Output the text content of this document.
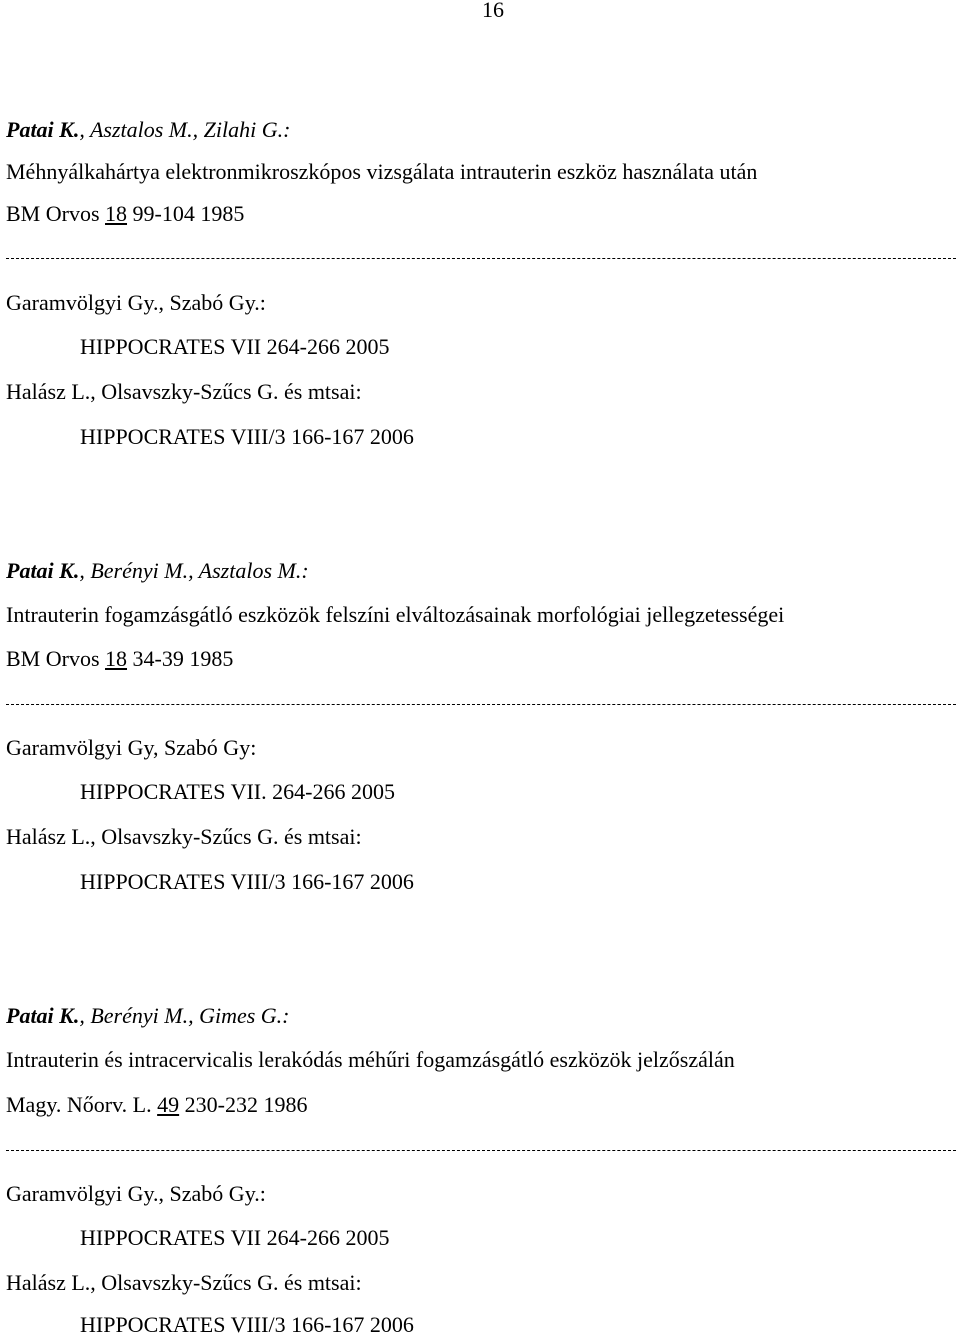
16
Patai K., Asztalos M., Zilahi G.:
Méhnyálkahártya elektronmikroszkópos vizsgálata intrauterin eszköz használata után
BM Orvos 18 99-104 1985
Garamvölgyi Gy., Szabó Gy.:
HIPPOCRATES VII 264-266 2005
Halász L., Olsavszky-Szűcs G. és mtsai:
HIPPOCRATES VIII/3 166-167 2006
Patai K., Berényi M., Asztalos M.:
Intrauterin fogamzásgátló eszközök felszíni elváltozásainak morfológiai jellegzetességei
BM Orvos 18 34-39 1985
Garamvölgyi Gy, Szabó Gy:
HIPPOCRATES VII. 264-266 2005
Halász L., Olsavszky-Szűcs G. és mtsai:
HIPPOCRATES VIII/3 166-167 2006
Patai K., Berényi M., Gimes G.:
Intrauterin és intracervicalis lerakódás méhűri fogamzásgátló eszközök jelzőszálán
Magy. Nőorv. L. 49 230-232 1986
Garamvölgyi Gy., Szabó Gy.:
HIPPOCRATES VII 264-266 2005
Halász L., Olsavszky-Szűcs G. és mtsai:
HIPPOCRATES VIII/3 166-167 2006
